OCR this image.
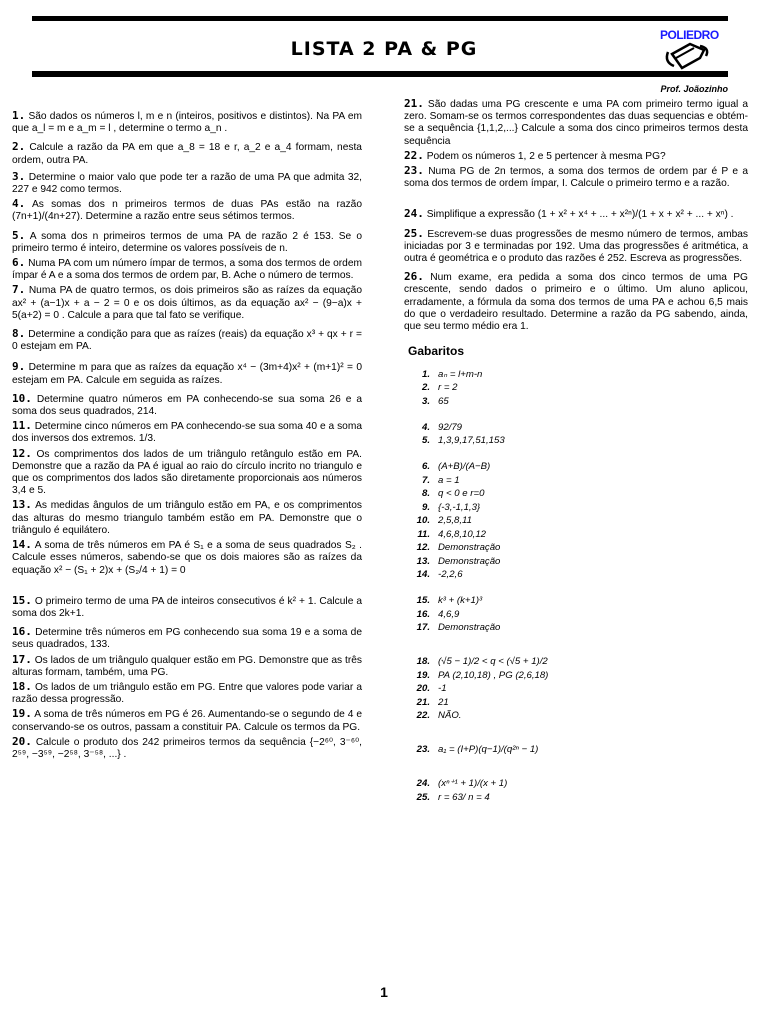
LISTA 2 PA & PG
POLIEDRO
Prof. Joãozinho

1. São dados os números l, m e n (inteiros, positivos e distintos). Na PA em que a_l = m e a_m = l , determine o termo a_n .

2. Calcule a razão da PA em que a_8 = 18 e r, a_2 e a_4 formam, nesta ordem, outra PA.

3. Determine o maior valo que pode ter a razão de uma PA que admita 32, 227 e 942 como termos.

4. As somas dos n primeiros termos de duas PAs estão na razão (7n+1)/(4n+27). Determine a razão entre seus sétimos termos.

5. A soma dos n primeiros termos de uma PA de razão 2 é 153. Se o primeiro termo é inteiro, determine os valores possíveis de n.

6. Numa PA com um número ímpar de termos, a soma dos termos de ordem ímpar é A e a soma dos termos de ordem par, B. Ache o número de termos.

7. Numa PA de quatro termos, os dois primeiros são as raízes da equação ax² + (a−1)x + a − 2 = 0 e os dois últimos, as da equação ax² − (9−a)x + 5(a+2) = 0 . Calcule a para que tal fato se verifique.

8. Determine a condição para que as raízes (reais) da equação x³ + qx + r = 0 estejam em PA.

9. Determine m para que as raízes da equação x⁴ − (3m+4)x² + (m+1)² = 0 estejam em PA. Calcule em seguida as raízes.

10. Determine quatro números em PA conhecendo-se sua soma 26 e a soma dos seus quadrados, 214.

11. Determine cinco números em PA conhecendo-se sua soma 40 e a soma dos inversos dos extremos. 1/3.

12. Os comprimentos dos lados de um triângulo retângulo estão em PA. Demonstre que a razão da PA é igual ao raio do círculo incrito no triangulo e que os comprimentos dos lados são diretamente proporcionais aos números 3,4 e 5.

13. As medidas ângulos de um triângulo estão em PA, e os comprimentos das alturas do mesmo triangulo também estão em PA. Demonstre que o triângulo é equilátero.

14. A soma de três números em PA é S₁ e a soma de seus quadrados S₂ . Calcule esses números, sabendo-se que os dois maiores são as raízes da equação x² − (S₁ + 2)x + (S₂/4 + 1) = 0

15. O primeiro termo de uma PA de inteiros consecutivos é k² + 1. Calcule a soma dos 2k+1.

16. Determine três números em PG conhecendo sua soma 19 e a soma de seus quadrados, 133.

17. Os lados de um triângulo qualquer estão em PG. Demonstre que as três alturas formam, também, uma PG.

18. Os lados de um triângulo estão em PG. Entre que valores pode variar a razão dessa progressão.

19. A soma de três números em PG é 26. Aumentando-se o segundo de 4 e conservando-se os outros, passam a constituir PA. Calcule os termos da PG.

20. Calcule o produto dos 242 primeiros termos da sequência {−2⁶⁰, 3⁻⁶⁰, 2⁵⁹, −3⁵⁹, −2⁵⁸, 3⁻⁵⁸, ...} .

21. São dadas uma PG crescente e uma PA com primeiro termo igual a zero. Somam-se os termos correspondentes das duas sequencias e obtém-se a sequência {1,1,2,...} Calcule a soma dos cinco primeiros termos desta sequência

22. Podem os números 1, 2 e 5 pertencer à mesma PG?

23. Numa PG de 2n termos, a soma dos termos de ordem par é P e a soma dos termos de ordem ímpar, I. Calcule o primeiro termo e a razão.

24. Simplifique a expressão (1 + x² + x⁴ + ... + x²ⁿ)/(1 + x + x² + ... + xⁿ) .

25. Escrevem-se duas progressões de mesmo número de termos, ambas iniciadas por 3 e terminadas por 192. Uma das progressões é aritmética, a outra é geométrica e o produto das razões é 252. Escreva as progressões.

26. Num exame, era pedida a soma dos cinco termos de uma PG crescente, sendo dados o primeiro e o último. Um aluno aplicou, erradamente, a fórmula da soma dos termos de uma PA e achou 6,5 mais do que o verdadeiro resultado. Determine a razão da PG sabendo, ainda, que seu termo médio era 1.

Gabaritos
1. aₙ = l+m-n
2. r = 2
3. 65
4. 92/79
5. 1,3,9,17,51,153
6. (A+B)/(A−B)
7. a = 1
8. q < 0 e r=0
9. {-3,-1,1,3}
10. 2,5,8,11
11. 4,6,8,10,12
12. Demonstração
13. Demonstração
14. -2,2,6
15. k³ + (k+1)³
16. 4,6,9
17. Demonstração
18. (√5 − 1)/2 < q < (√5 + 1)/2
19. PA (2,10,18) , PG (2,6,18)
20. -1
21. 21
22. NÃO.
23. a₁ = (I+P)(q−1)/(q²ⁿ − 1)
24. (xⁿ⁺¹ + 1)/(x + 1)
25. r = 63/ n = 4
1
